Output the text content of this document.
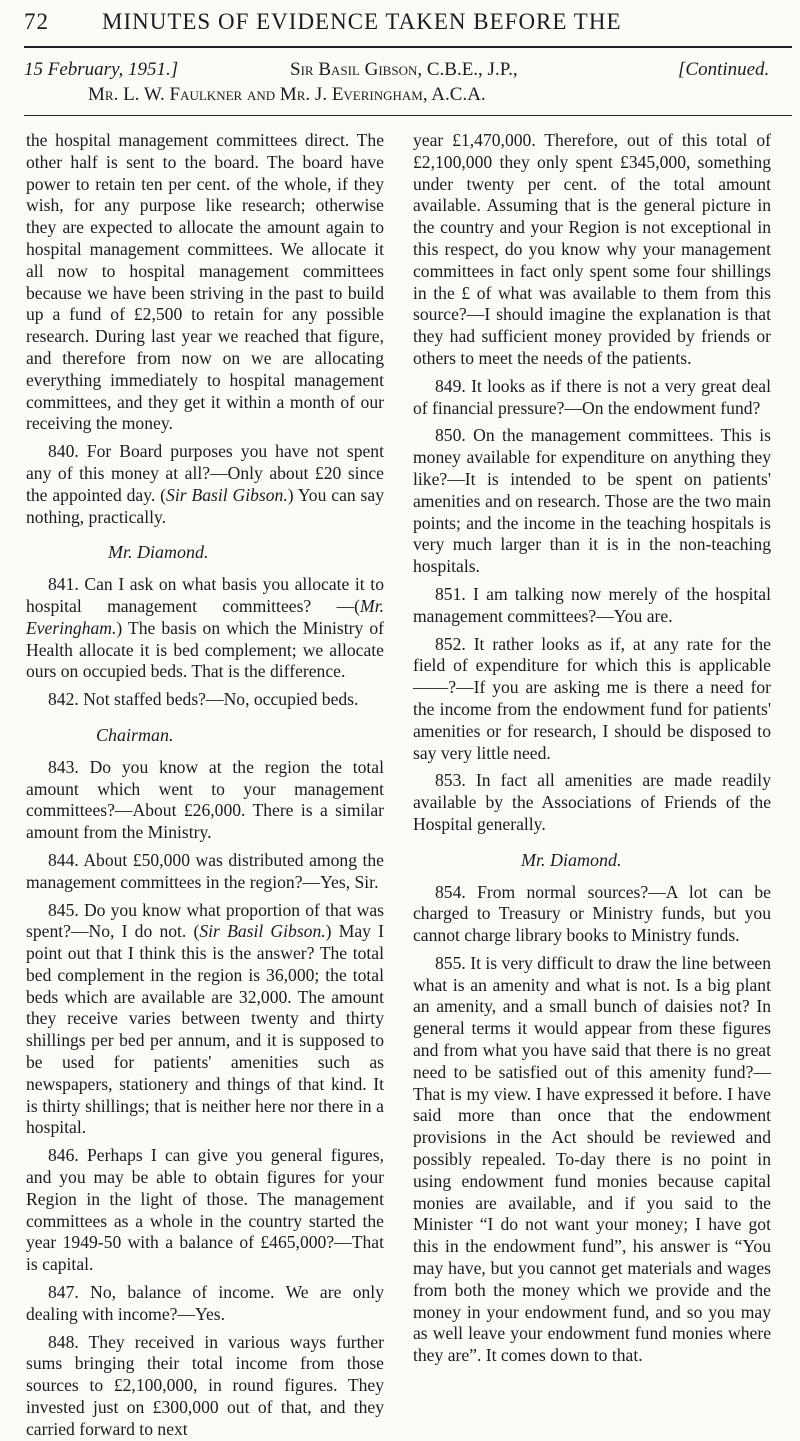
72 MINUTES OF EVIDENCE TAKEN BEFORE THE
15 February, 1951.]	Sir Basil Gibson, C.B.E., J.P.,	[Continued.
Mr. L. W. Faulkner and Mr. J. Everingham, A.C.A.

the hospital management committees direct. The other half is sent to the board. The board have power to retain ten per cent. of the whole, if they wish, for any purpose like research; otherwise they are expected to allocate the amount again to hospital management committees. We allocate it all now to hospital management committees because we have been striving in the past to build up a fund of £2,500 to retain for any possible research. During last year we reached that figure, and therefore from now on we are allocating everything immediately to hospital management committees, and they get it within a month of our receiving the money.

840. For Board purposes you have not spent any of this money at all?—Only about £20 since the appointed day. (Sir Basil Gibson.) You can say nothing, practically.

Mr. Diamond.

841. Can I ask on what basis you allocate it to hospital management committees? —(Mr. Everingham.) The basis on which the Ministry of Health allocate it is bed complement; we allocate ours on occupied beds. That is the difference.

842. Not staffed beds?—No, occupied beds.

Chairman.

843. Do you know at the region the total amount which went to your management committees?—About £26,000. There is a similar amount from the Ministry.

844. About £50,000 was distributed among the management committees in the region?—Yes, Sir.

845. Do you know what proportion of that was spent?—No, I do not. (Sir Basil Gibson.) May I point out that I think this is the answer? The total bed complement in the region is 36,000; the total beds which are available are 32,000. The amount they receive varies between twenty and thirty shillings per bed per annum, and it is supposed to be used for patients' amenities such as newspapers, stationery and things of that kind. It is thirty shillings; that is neither here nor there in a hospital.

846. Perhaps I can give you general figures, and you may be able to obtain figures for your Region in the light of those. The management committees as a whole in the country started the year 1949-50 with a balance of £465,000?—That is capital.

847. No, balance of income. We are only dealing with income?—Yes.

848. They received in various ways further sums bringing their total income from those sources to £2,100,000, in round figures. They invested just on £300,000 out of that, and they carried forward to next

year £1,470,000. Therefore, out of this total of £2,100,000 they only spent £345,000, something under twenty per cent. of the total amount available. Assuming that is the general picture in the country and your Region is not exceptional in this respect, do you know why your management committees in fact only spent some four shillings in the £ of what was available to them from this source?—I should imagine the explanation is that they had sufficient money provided by friends or others to meet the needs of the patients.

849. It looks as if there is not a very great deal of financial pressure?—On the endowment fund?

850. On the management committees. This is money available for expenditure on anything they like?—It is intended to be spent on patients' amenities and on research. Those are the two main points; and the income in the teaching hospitals is very much larger than it is in the non-teaching hospitals.

851. I am talking now merely of the hospital management committees?—You are.

852. It rather looks as if, at any rate for the field of expenditure for which this is applicable——?—If you are asking me is there a need for the income from the endowment fund for patients' amenities or for research, I should be disposed to say very little need.

853. In fact all amenities are made readily available by the Associations of Friends of the Hospital generally.

Mr. Diamond.

854. From normal sources?—A lot can be charged to Treasury or Ministry funds, but you cannot charge library books to Ministry funds.

855. It is very difficult to draw the line between what is an amenity and what is not. Is a big plant an amenity, and a small bunch of daisies not? In general terms it would appear from these figures and from what you have said that there is no great need to be satisfied out of this amenity fund?—That is my view. I have expressed it before. I have said more than once that the endowment provisions in the Act should be reviewed and possibly repealed. To-day there is no point in using endowment fund monies because capital monies are available, and if you said to the Minister “I do not want your money; I have got this in the endowment fund”, his answer is “You may have, but you cannot get materials and wages from both the money which we provide and the money in your endowment fund, and so you may as well leave your endowment fund monies where they are”. It comes down to that.
